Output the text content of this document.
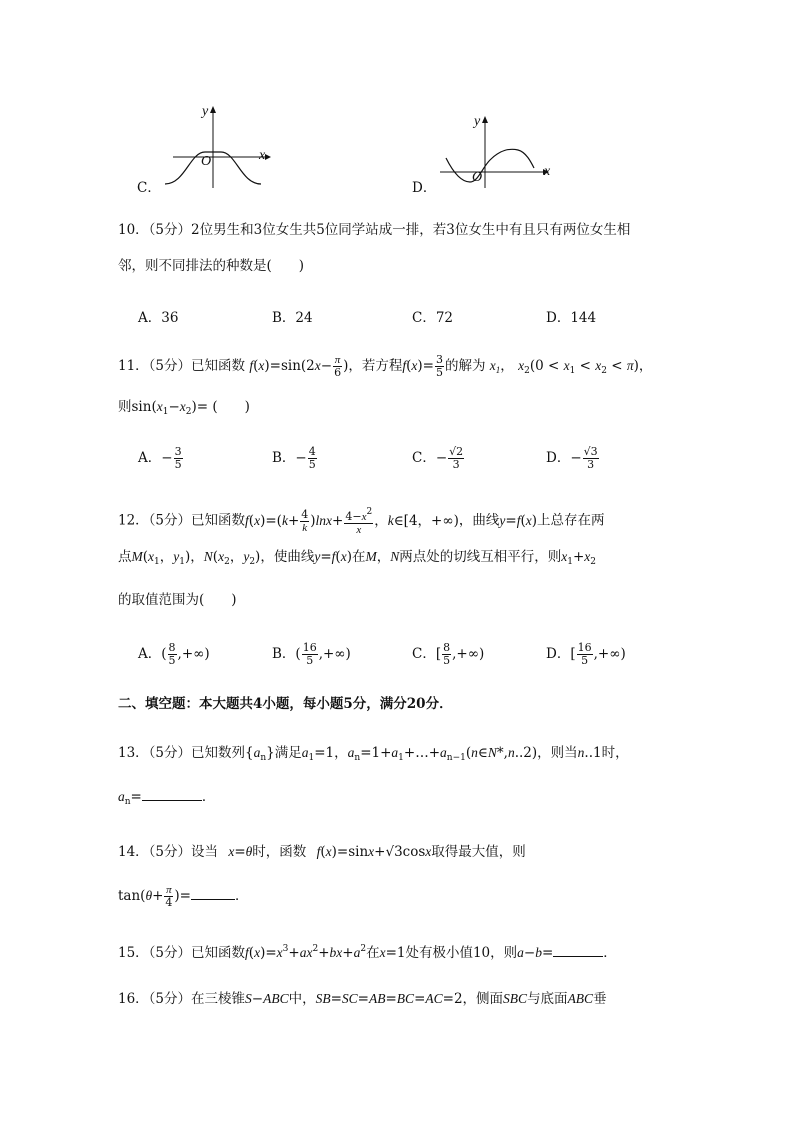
C．
y
x
O
D．
y
x
O
10．（5分）2位男生和3位女生共5位同学站成一排，若3位女生中有且只有两位女生相
邻，则不同排法的种数是(　　)
A．36	B．24	C．72	D．144
11．（5分）已知函数 $f(x)=\sin(2x- \frac{\pi}{6}$ )，若方程$f(x)= \frac{3}{5}$ 的解为 $x_1$， $x_2(0 < x_1 < x_2 < \pi)$，
则$\sin(x_1-x_2)=$ (　　)
A．− $\frac{3}{5}$	B．− $\frac{4}{5}$	C．− $\frac{√2}{3}$	D．− $\frac{√3}{3}$
12．（5分）已知函数$f(x)=(k+ \frac{4}{k} )\ln x+ \frac{4-x^2}{x}$ ，k∈[4，+∞)，曲线y=f(x)上总存在两
点$M(x_1$，$y_1$)，$N(x_2$，$y_2$)，使曲线y=f(x)在M，N两点处的切线互相平行，则$x_1+x_2$
的取值范围为(　　)
A．( $\frac{8}{5}$ ,+∞)	B．( $\frac{16}{5}$ ,+∞)	C．[ $\frac{8}{5}$ ,+∞)	D．[ $\frac{16}{5}$ ,+∞)
二、填空题：本大题共4小题，每小题5分，满分20分．
13．（5分）已知数列$\{a_n\}$满足$a_1=1$，$a_n=1+a_1+\dots+a_{n-1}(n\in N*,n..2)$，则当n..1时，
$a_n=$	．
14．（5分）设当 x=θ时，函数 f(x)=sinx+√3cosx取得最大值，则
$\tan(\theta+ \frac{\pi}{4}$ )=	．
15．（5分）已知函数$f(x)=x^3+ax^2+bx+a^2$在x=1处有极小值10，则a−b=	．
16．（5分）在三棱锥S−ABC中，SB=SC=AB=BC=AC=2，侧面SBC与底面ABC垂
